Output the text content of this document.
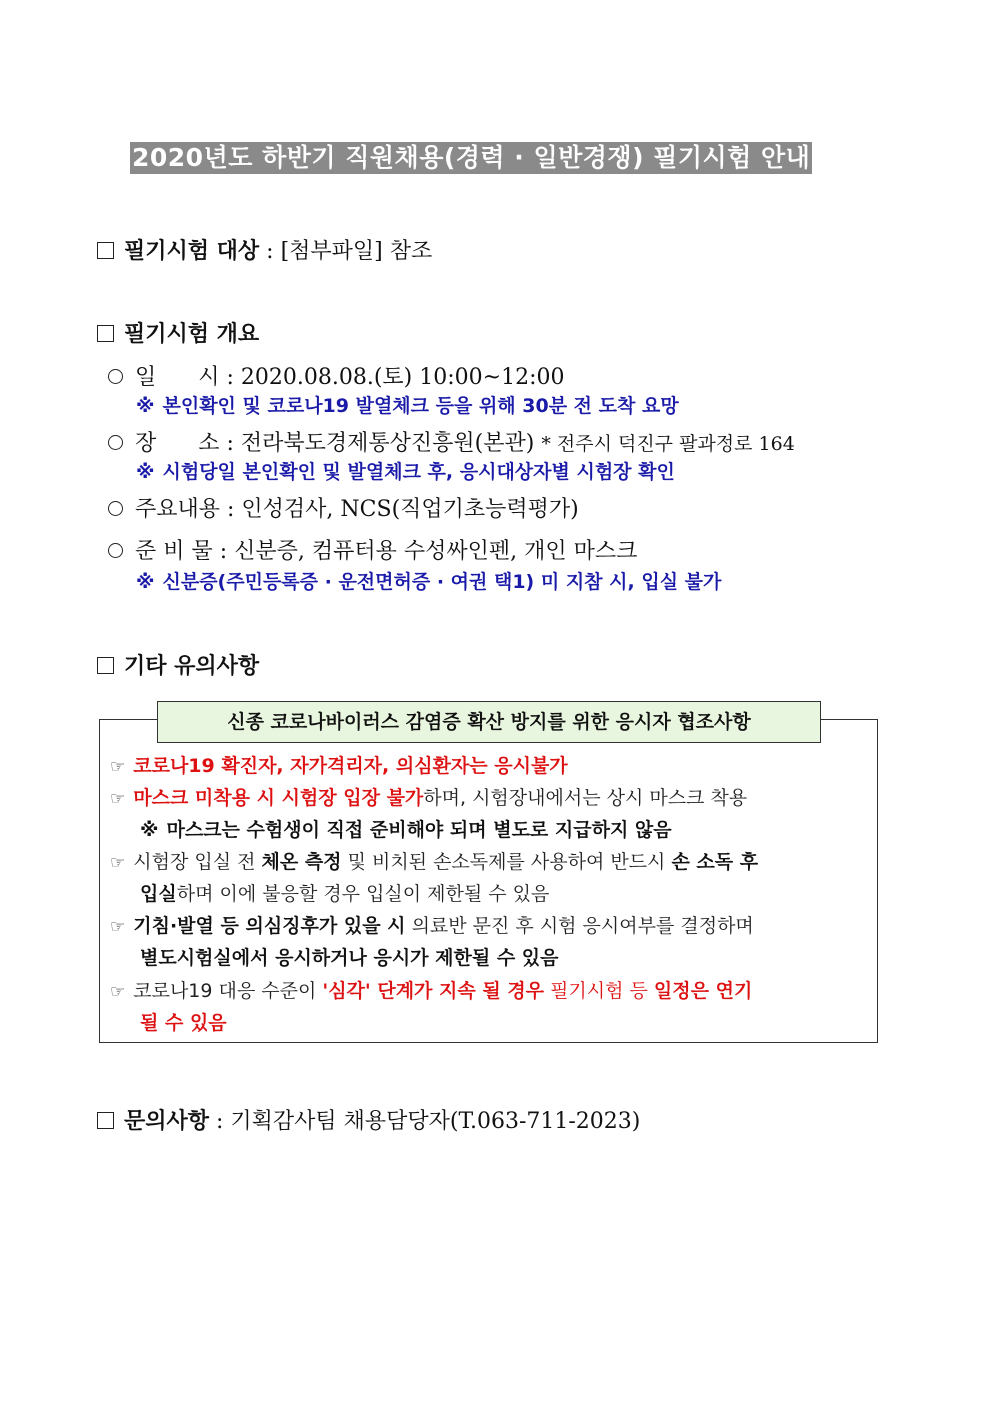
2020년도 하반기 직원채용(경력 · 일반경쟁) 필기시험 안내
필기시험 대상 : [첨부파일] 참조
필기시험 개요
일      시 : 2020.08.08.(토) 10:00~12:00
※ 본인확인 및 코로나19 발열체크 등을 위해 30분 전 도착 요망
장      소 : 전라북도경제통상진흥원(본관) * 전주시 덕진구 팔과정로 164
※ 시험당일 본인확인 및 발열체크 후, 응시대상자별 시험장 확인
주요내용 : 인성검사, NCS(직업기초능력평가)
준 비 물 : 신분증, 컴퓨터용 수성싸인펜, 개인 마스크
※ 신분증(주민등록증 · 운전면허증 · 여권 택1) 미 지참 시, 입실 불가
기타 유의사항
신종 코로나바이러스 감염증 확산 방지를 위한 응시자 협조사항
☞ 코로나19 확진자, 자가격리자, 의심환자는 응시불가
☞ 마스크 미착용 시 시험장 입장 불가하며, 시험장내에서는 상시 마스크 착용
※ 마스크는 수험생이 직접 준비해야 되며 별도로 지급하지 않음
☞ 시험장 입실 전 체온 측정 및 비치된 손소독제를 사용하여 반드시 손 소독 후
입실하며 이에 불응할 경우 입실이 제한될 수 있음
☞ 기침·발열 등 의심징후가 있을 시 의료반 문진 후 시험 응시여부를 결정하며
별도시험실에서 응시하거나 응시가 제한될 수 있음
☞ 코로나19 대응 수준이 '심각' 단계가 지속 될 경우 필기시험 등 일정은 연기
될 수 있음
문의사항 : 기획감사팀 채용담당자(T.063-711-2023)
